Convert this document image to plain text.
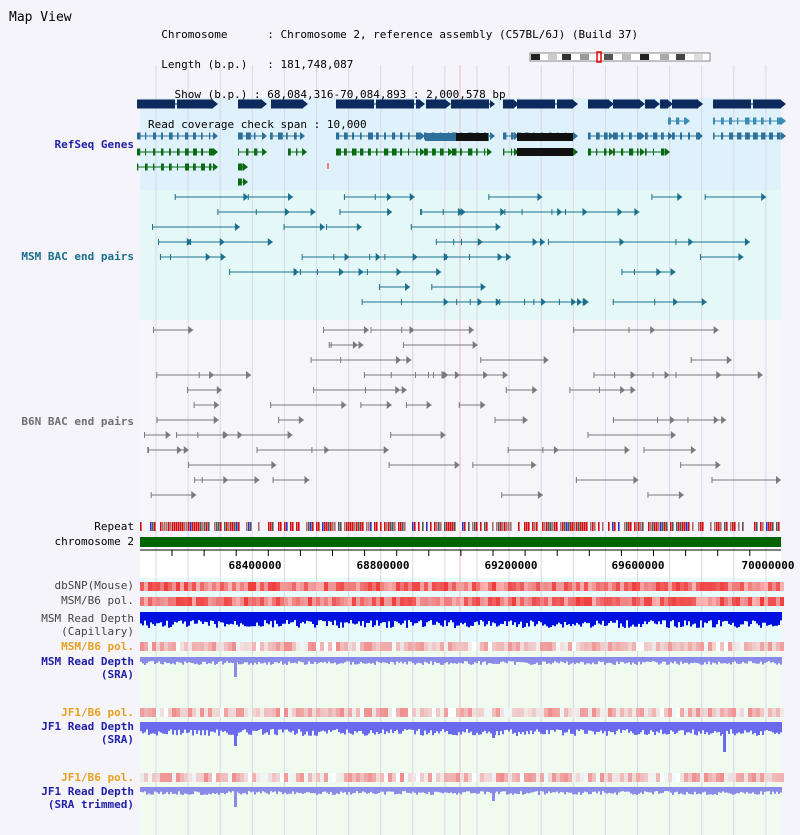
68400000	68800000	69200000	69600000	70000000
Map View

Chromosome      : Chromosome 2, reference assembly (C57BL/6J) (Build 37)

Length (b.p.)   : 181,748,087

Show (b.p.) : 68,084,316-70,084,893 : 2,000,578 bp

Read coverage check span : 10,000

RefSeq Genes
MSM BAC end pairs
B6N BAC end pairs
Repeat
chromosome 2
dbSNP(Mouse)
MSM/B6 pol.
MSM Read Depth
(Capillary)
MSM/B6 pol.
MSM Read Depth
(SRA)
JF1/B6 pol.
JF1 Read Depth
(SRA)
JF1/B6 pol.
JF1 Read Depth
(SRA trimmed)
